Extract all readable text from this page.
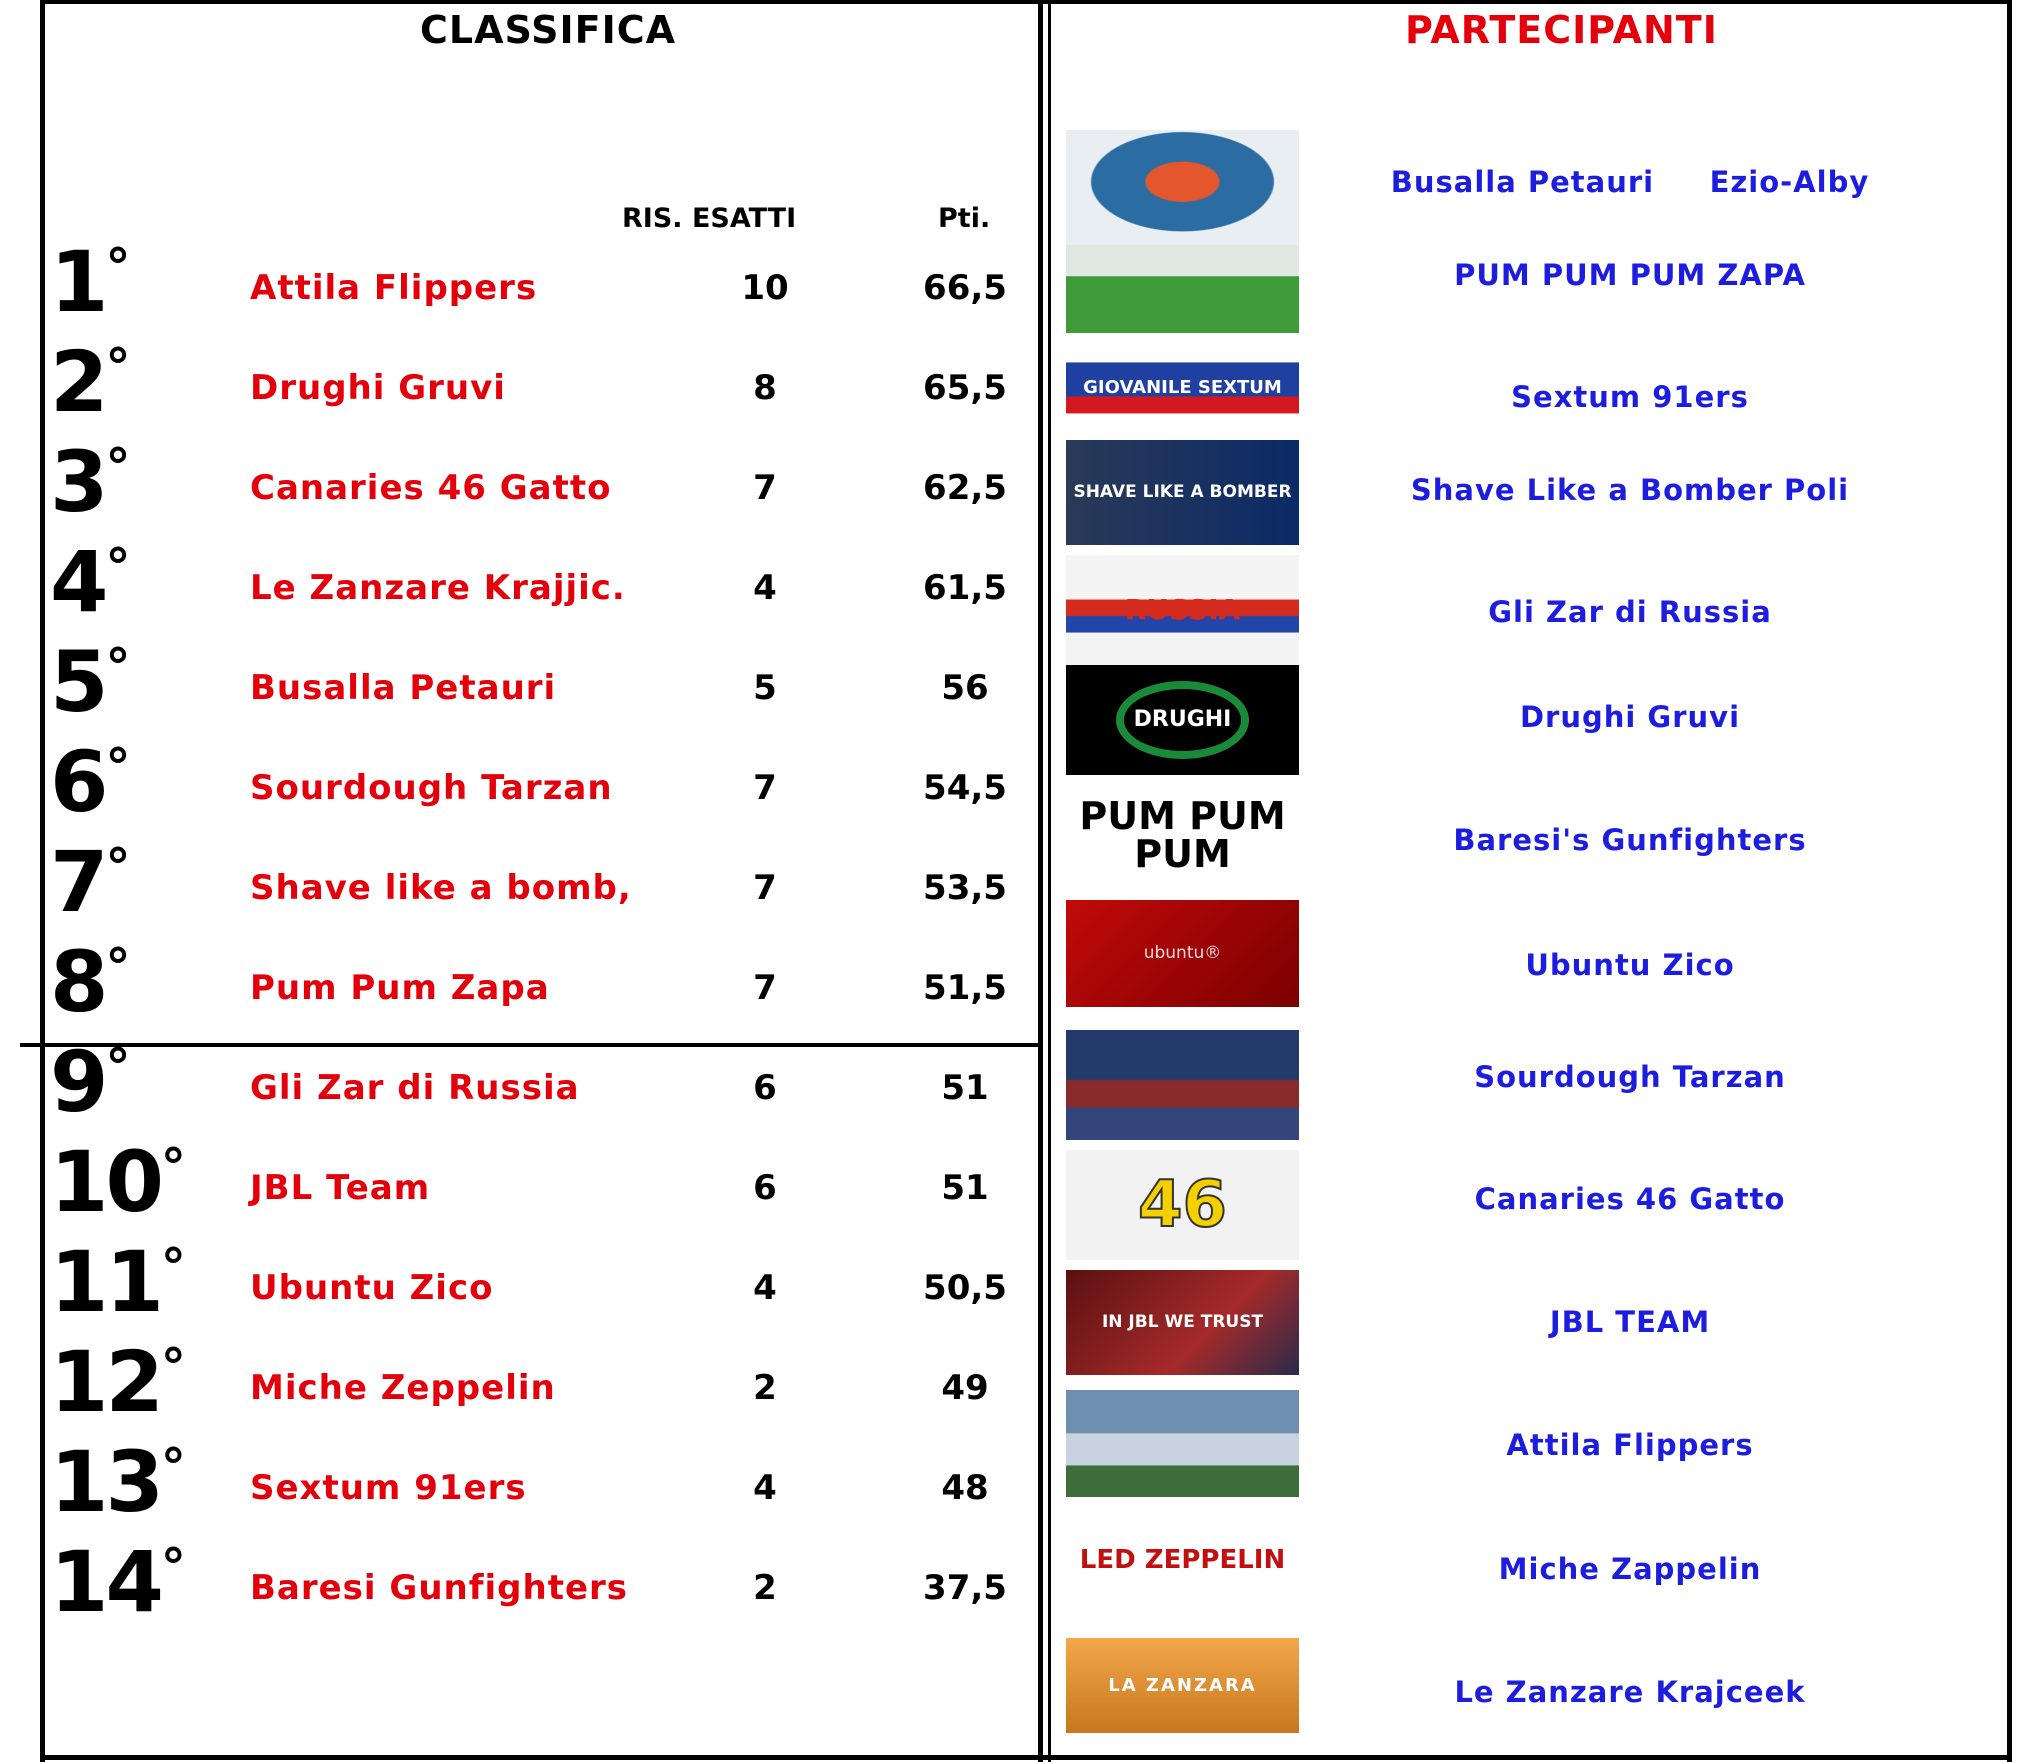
CLASSIFICA
RIS. ESATTI	Pti.
1°	Attila Flippers	10	66,5
2°	Drughi Gruvi	8	65,5
3°	Canaries 46 Gatto	7	62,5
4°	Le Zanzare Krajjic.	4	61,5
5°	Busalla Petauri	5	56
6°	Sourdough Tarzan	7	54,5
7°	Shave like a bomb,	7	53,5
8°	Pum Pum Zapa	7	51,5
9°	Gli Zar di Russia	6	51
10° JBL Team	6	51
11° Ubuntu Zico	4	50,5
12° Miche Zeppelin	2	49
13° Sextum 91ers	4	48
14° Baresi Gunfighters	2	37,5
PARTECIPANTI
Busalla Petauri     Ezio-Alby
PUM PUM PUM ZAPA
GIOVANILE SEXTUM	Sextum 91ers
SHAVE LIKE A BOMBER	Shave Like a Bomber Poli
RUSSIA	Gli Zar di Russia
DRUGHI	Drughi Gruvi
PUM PUM PUM	Baresi's Gunfighters
ubuntu®	Ubuntu Zico
Sourdough Tarzan
46	Canaries 46 Gatto
IN JBL WE TRUST	JBL TEAM
Attila Flippers
LED ZEPPELIN	Miche Zappelin
LA ZANZARA	Le Zanzare Krajceek
